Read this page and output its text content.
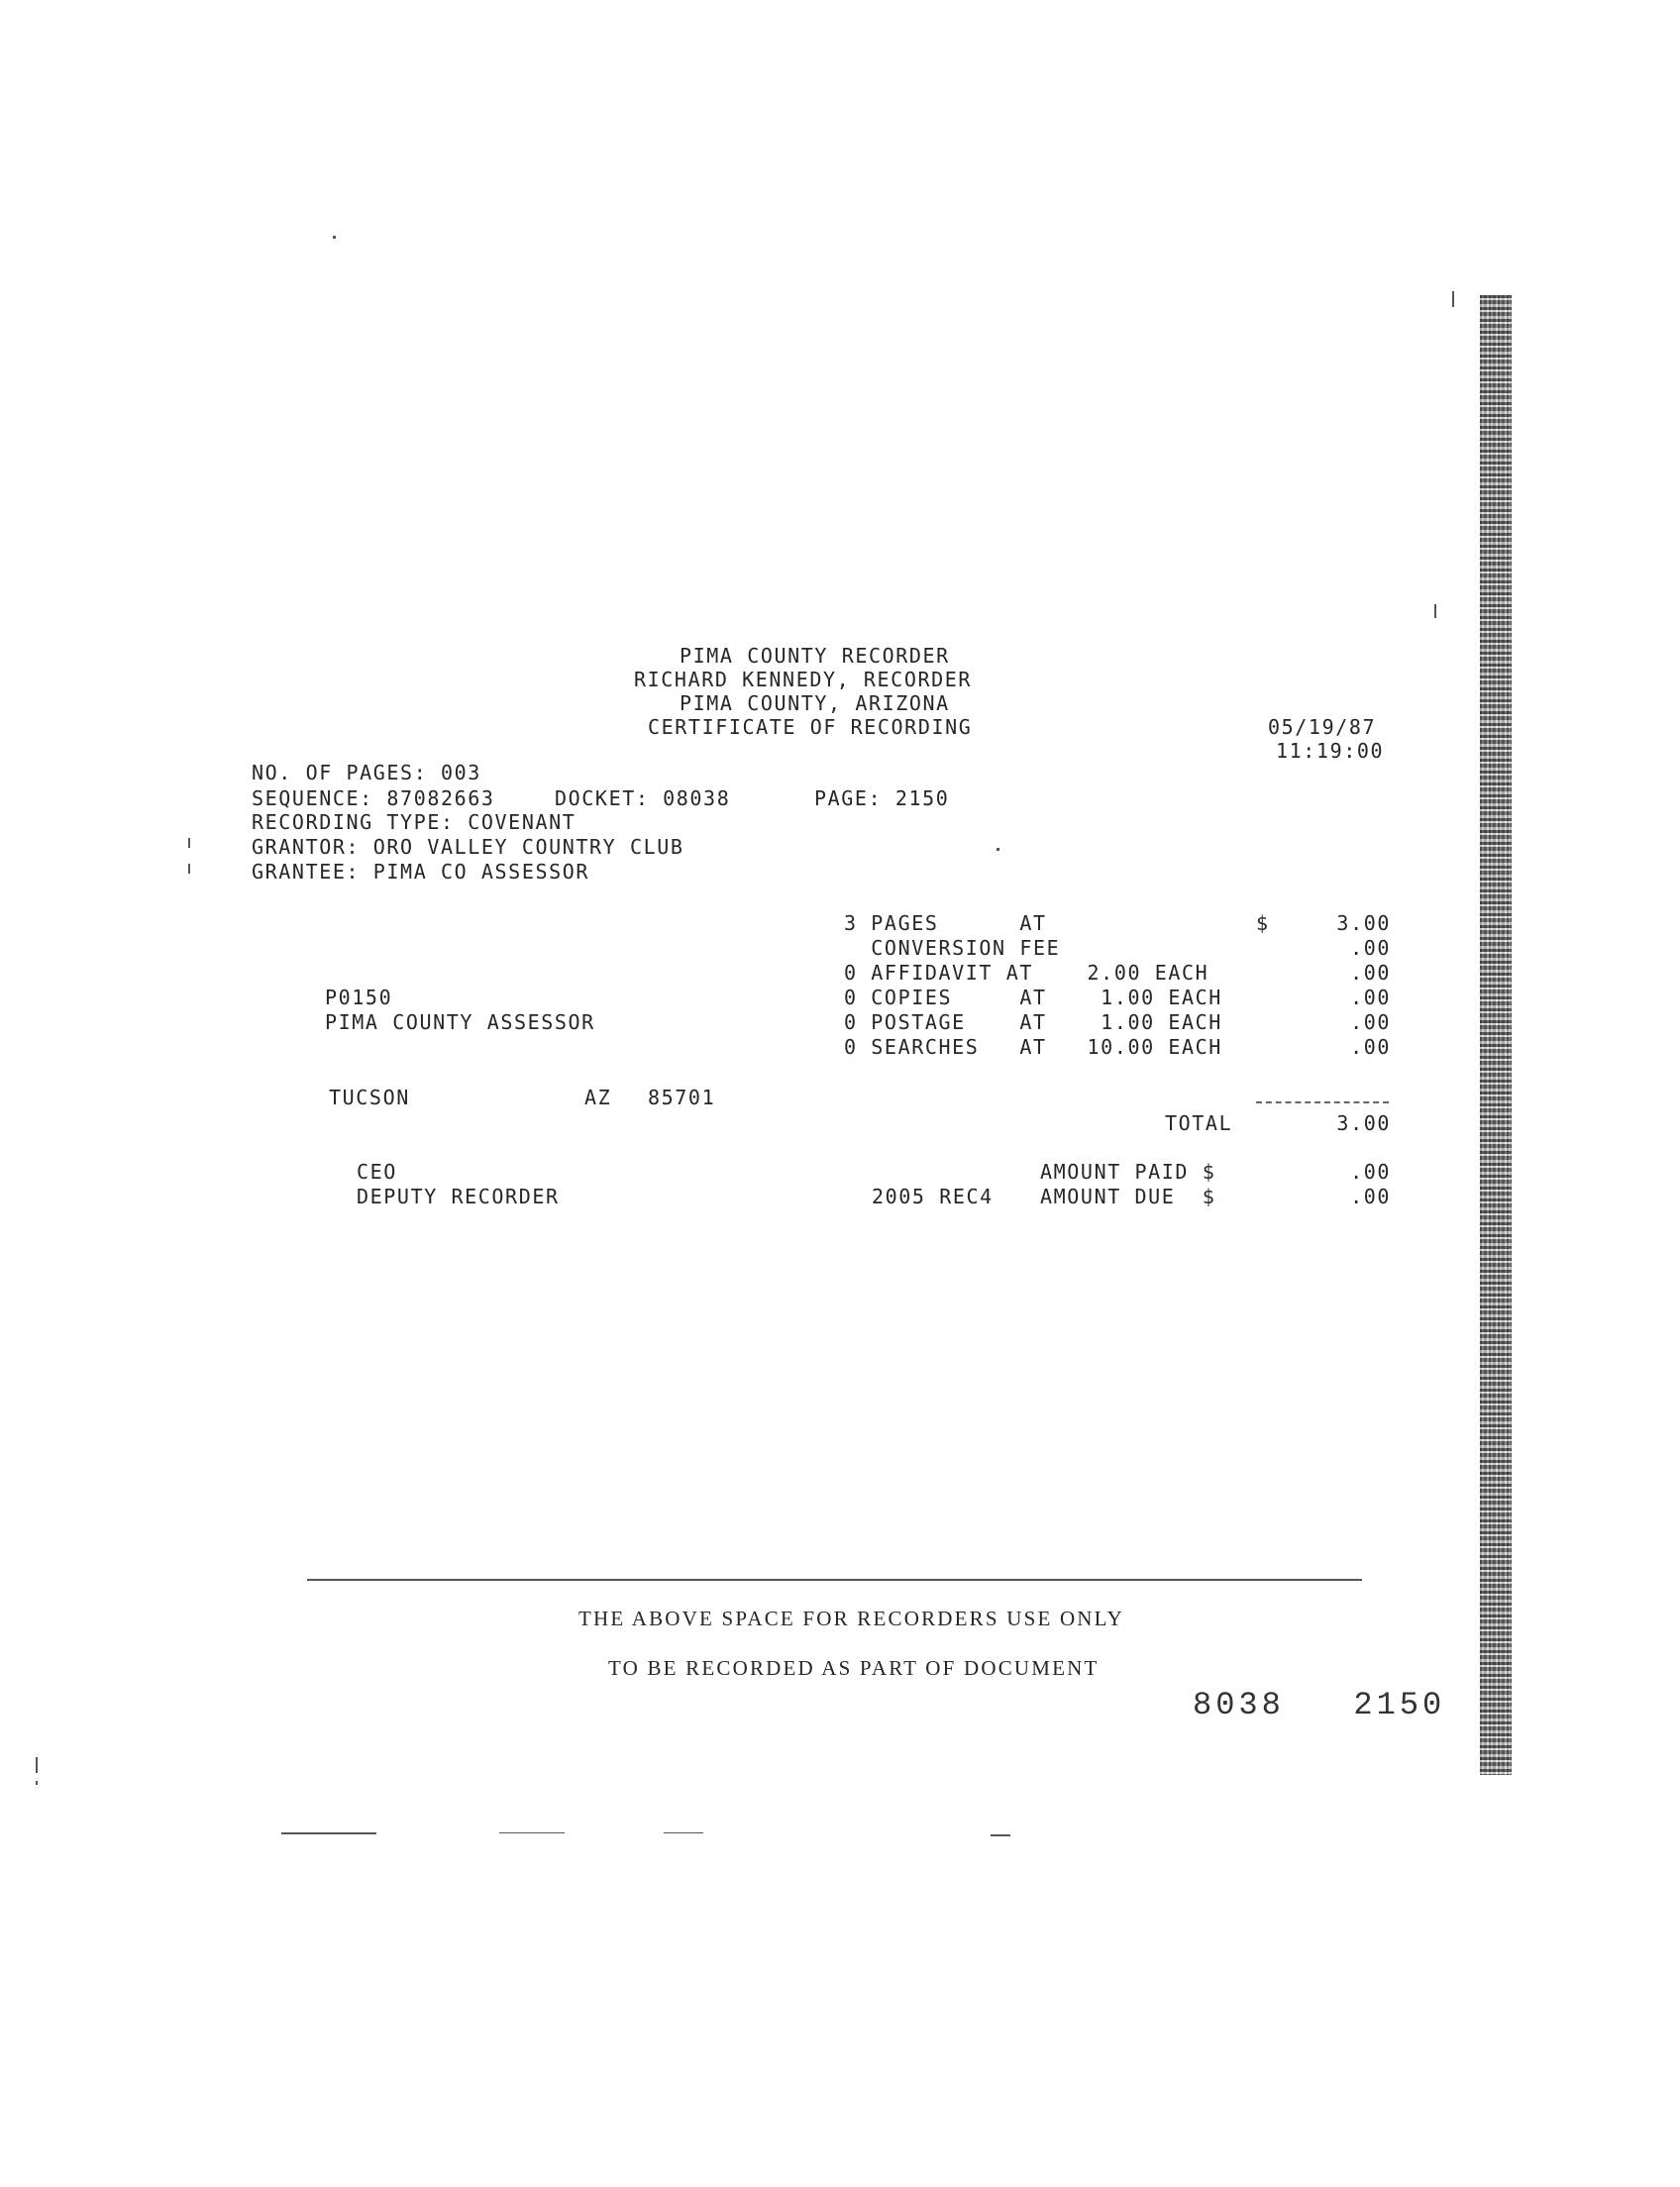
PIMA COUNTY RECORDER
RICHARD KENNEDY, RECORDER
PIMA COUNTY, ARIZONA
CERTIFICATE OF RECORDING	05/19/87
11:19:00
NO. OF PAGES: 003
SEQUENCE: 87082663	DOCKET: 08038	PAGE: 2150
RECORDING TYPE: COVENANT
GRANTOR: ORO VALLEY COUNTRY CLUB
GRANTEE: PIMA CO ASSESSOR
3 PAGES      AT	$	3.00
CONVERSION FEE	.00
0 AFFIDAVIT AT    2.00 EACH	.00
0 COPIES     AT    1.00 EACH	.00
0 POSTAGE    AT    1.00 EACH	.00
0 SEARCHES   AT   10.00 EACH	.00
P0150
PIMA COUNTY ASSESSOR
TUCSON	AZ 85701
TOTAL	3.00
CEO
DEPUTY RECORDER	2005 REC4
AMOUNT PAID $	.00
AMOUNT DUE  $	.00
THE ABOVE SPACE FOR RECORDERS USE ONLY
TO BE RECORDED AS PART OF DOCUMENT
8038   2150
